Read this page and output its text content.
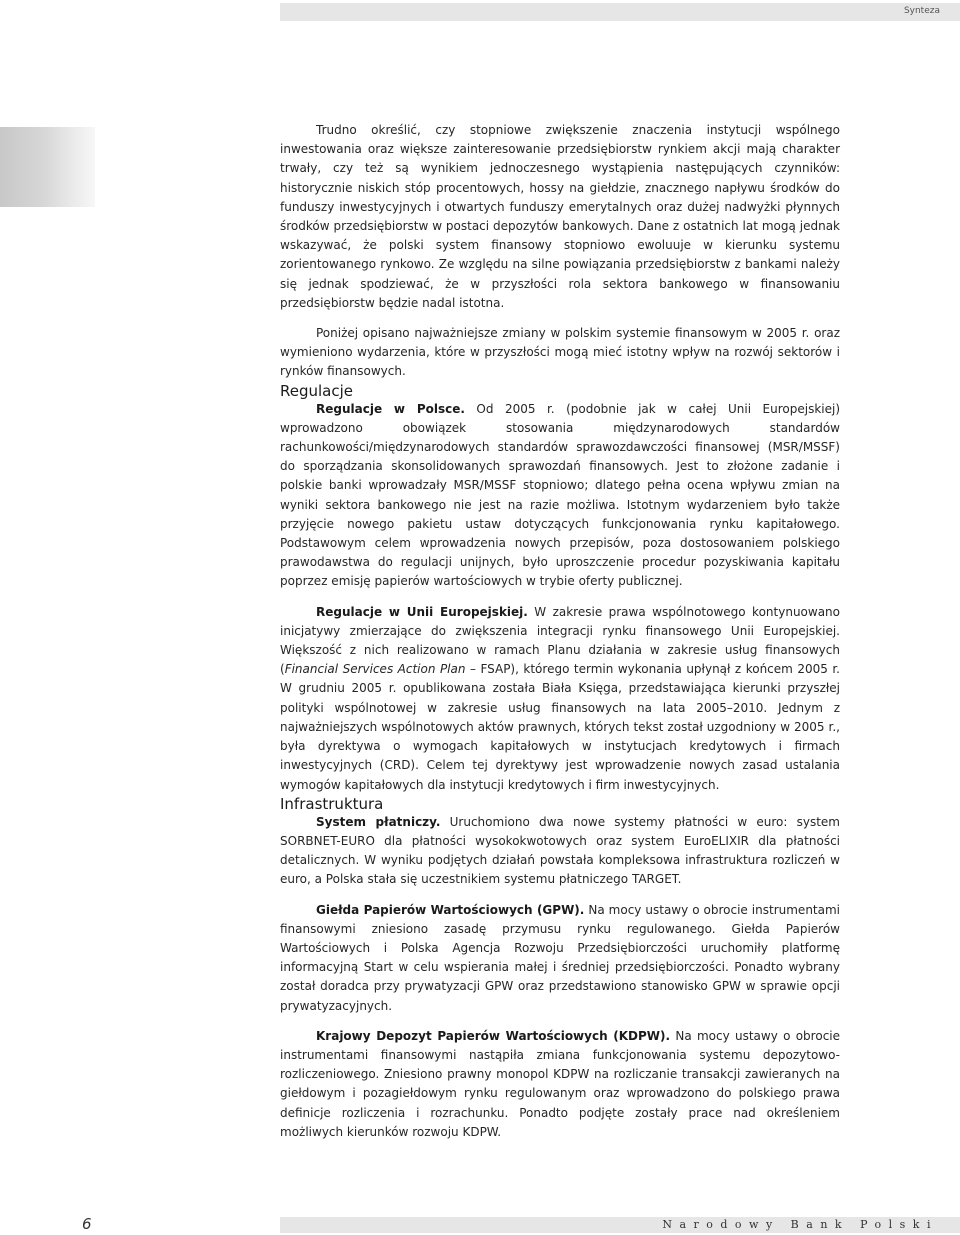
Synteza

Trudno określić, czy stopniowe zwiększenie znaczenia instytucji wspólnego inwestowania oraz większe zainteresowanie przedsiębiorstw rynkiem akcji mają charakter trwały, czy też są wynikiem jednoczesnego wystąpienia następujących czynników: historycznie niskich stóp procentowych, hossy na giełdzie, znacznego napływu środków do funduszy inwestycyjnych i otwartych funduszy emerytalnych oraz dużej nadwyżki płynnych środków przedsiębiorstw w postaci depozytów bankowych. Dane z ostatnich lat mogą jednak wskazywać, że polski system finansowy stopniowo ewoluuje w kierunku systemu zorientowanego rynkowo. Ze względu na silne powiązania przedsiębiorstw z bankami należy się jednak spodziewać, że w przyszłości rola sektora bankowego w finansowaniu przedsiębiorstw będzie nadal istotna.

Poniżej opisano najważniejsze zmiany w polskim systemie finansowym w 2005 r. oraz wymieniono wydarzenia, które w przyszłości mogą mieć istotny wpływ na rozwój sektorów i rynków finansowych.

Regulacje

Regulacje w Polsce. Od 2005 r. (podobnie jak w całej Unii Europejskiej) wprowadzono obowiązek stosowania międzynarodowych standardów rachunkowości/międzynarodowych standardów sprawozdawczości finansowej (MSR/MSSF) do sporządzania skonsolidowanych sprawozdań finansowych. Jest to złożone zadanie i polskie banki wprowadzały MSR/MSSF stopniowo; dlatego pełna ocena wpływu zmian na wyniki sektora bankowego nie jest na razie możliwa. Istotnym wydarzeniem było także przyjęcie nowego pakietu ustaw dotyczących funkcjonowania rynku kapitałowego. Podstawowym celem wprowadzenia nowych przepisów, poza dostosowaniem polskiego prawodawstwa do regulacji unijnych, było uproszczenie procedur pozyskiwania kapitału poprzez emisję papierów wartościowych w trybie oferty publicznej.

Regulacje w Unii Europejskiej. W zakresie prawa wspólnotowego kontynuowano inicjatywy zmierzające do zwiększenia integracji rynku finansowego Unii Europejskiej. Większość z nich realizowano w ramach Planu działania w zakresie usług finansowych (Financial Services Action Plan – FSAP), którego termin wykonania upłynął z końcem 2005 r. W grudniu 2005 r. opublikowana została Biała Księga, przedstawiająca kierunki przyszłej polityki wspólnotowej w zakresie usług finansowych na lata 2005–2010. Jednym z najważniejszych wspólnotowych aktów prawnych, których tekst został uzgodniony w 2005 r., była dyrektywa o wymogach kapitałowych w instytucjach kredytowych i firmach inwestycyjnych (CRD). Celem tej dyrektywy jest wprowadzenie nowych zasad ustalania wymogów kapitałowych dla instytucji kredytowych i firm inwestycyjnych.

Infrastruktura

System płatniczy. Uruchomiono dwa nowe systemy płatności w euro: system SORBNET-EURO dla płatności wysokokwotowych oraz system EuroELIXIR dla płatności detalicznych. W wyniku podjętych działań powstała kompleksowa infrastruktura rozliczeń w euro, a Polska stała się uczestnikiem systemu płatniczego TARGET.

Giełda Papierów Wartościowych (GPW). Na mocy ustawy o obrocie instrumentami finansowymi zniesiono zasadę przymusu rynku regulowanego. Giełda Papierów Wartościowych i Polska Agencja Rozwoju Przedsiębiorczości uruchomiły platformę informacyjną Start w celu wspierania małej i średniej przedsiębiorczości. Ponadto wybrany został doradca przy prywatyzacji GPW oraz przedstawiono stanowisko GPW w sprawie opcji prywatyzacyjnych.

Krajowy Depozyt Papierów Wartościowych (KDPW). Na mocy ustawy o obrocie instrumentami finansowymi nastąpiła zmiana funkcjonowania systemu depozytowo-rozliczeniowego. Zniesiono prawny monopol KDPW na rozliczanie transakcji zawieranych na giełdowym i pozagiełdowym rynku regulowanym oraz wprowadzono do polskiego prawa definicje rozliczenia i rozrachunku. Ponadto podjęte zostały prace nad określeniem możliwych kierunków rozwoju KDPW.

6	Narodowy Bank Polski
